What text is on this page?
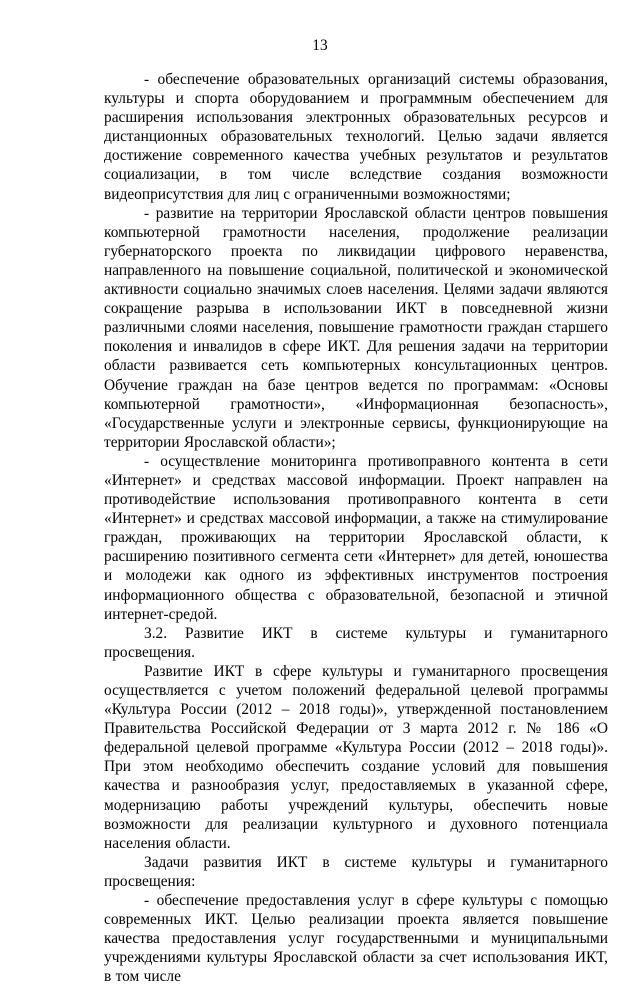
13

- обеспечение образовательных организаций системы образования, культуры и спорта оборудованием и программным обеспечением для расширения использования электронных образовательных ресурсов и дистанционных образовательных технологий. Целью задачи является достижение современного качества учебных результатов и результатов социализации, в том числе вследствие создания возможности видеоприсутствия для лиц с ограниченными возможностями;

- развитие на территории Ярославской области центров повышения компьютерной грамотности населения, продолжение реализации губернаторского проекта по ликвидации цифрового неравенства, направленного на повышение социальной, политической и экономической активности социально значимых слоев населения. Целями задачи являются сокращение разрыва в использовании ИКТ в повседневной жизни различными слоями населения, повышение грамотности граждан старшего поколения и инвалидов в сфере ИКТ. Для решения задачи на территории области развивается сеть компьютерных консультационных центров. Обучение граждан на базе центров ведется по программам: «Основы компьютерной грамотности», «Информационная безопасность», «Государственные услуги и электронные сервисы, функционирующие на территории Ярославской области»;

- осуществление мониторинга противоправного контента в сети «Интернет» и средствах массовой информации. Проект направлен на противодействие использования противоправного контента в сети «Интернет» и средствах массовой информации, а также на стимулирование граждан, проживающих на территории Ярославской области, к расширению позитивного сегмента сети «Интернет» для детей, юношества и молодежи как одного из эффективных инструментов построения информационного общества с образовательной, безопасной и этичной интернет-средой.

3.2. Развитие ИКТ в системе культуры и гуманитарного просвещения.

Развитие ИКТ в сфере культуры и гуманитарного просвещения осуществляется с учетом положений федеральной целевой программы «Культура России (2012 – 2018 годы)», утвержденной постановлением Правительства Российской Федерации от 3 марта 2012 г. № 186 «О федеральной целевой программе «Культура России (2012 – 2018 годы)». При этом необходимо обеспечить создание условий для повышения качества и разнообразия услуг, предоставляемых в указанной сфере, модернизацию работы учреждений культуры, обеспечить новые возможности для реализации культурного и духовного потенциала населения области.

Задачи развития ИКТ в системе культуры и гуманитарного просвещения:

- обеспечение предоставления услуг в сфере культуры с помощью современных ИКТ. Целью реализации проекта является повышение качества предоставления услуг государственными и муниципальными учреждениями культуры Ярославской области за счет использования ИКТ, в том числе
